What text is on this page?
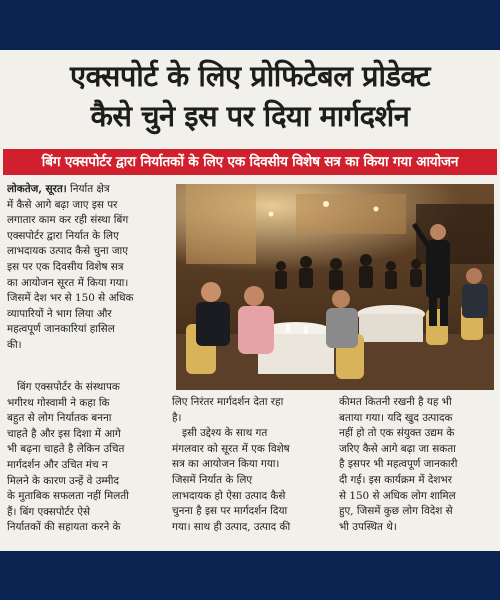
एक्सपोर्ट के लिए प्रोफिटेबल प्रोडेक्ट
कैसे चुने इस पर दिया मार्गदर्शन
बिंग एक्सपोर्टर द्वारा निर्यातकों के लिए एक दिवसीय विशेष सत्र का किया गया आयोजन
लोकतेज, सूरत। निर्यात क्षेत्र
में कैसे आगे बढ़ा जाए इस पर
लगातार काम कर रही संस्था बिंग
एक्सपोर्टर द्वारा निर्यात के लिए
लाभदायक उत्पाद कैसे चुना जाए
इस पर एक दिवसीय विशेष सत्र
का आयोजन सूरत में किया गया।
जिसमें देश भर से 150 से अधिक
व्यापारियों ने भाग लिया और
महत्वपूर्ण जानकारियां हासिल
की।
बिंग एक्सपोर्टर के संस्थापक
भगीरथ गोस्वामी ने कहा कि
बहुत से लोग निर्यातक बनना
चाहते है और इस दिशा में आगे
भी बढ़ना चाहते है लेकिन उचित
मार्गदर्शन और उचित मंच न
मिलने के कारण उन्हें वे उम्मीद
के मुताबिक सफलता नहीं मिलती
हैं। बिंग एक्सपोर्टर ऐसे
निर्यातकों की सहायता करने के
लिए निरंतर मार्गदर्शन देता रहा
है।
इसी उद्देश्य के साथ गत
मंगलवार को सूरत में एक विशेष
सत्र का आयोजन किया गया।
जिसमें निर्यात के लिए
लाभदायक हो ऐसा उत्पाद कैसे
चुनना है इस पर मार्गदर्शन दिया
गया। साथ ही उत्पाद, उत्पाद की
कीमत कितनी रखनी है यह भी
बताया गया। यदि खुद उत्पादक
नहीं हो तो एक संयुक्त उद्यम के
जरिए कैसे आगे बढ़ा जा सकता
है इसपर भी महत्वपूर्ण जानकारी
दी गई। इस कार्यक्रम में देशभर
से 150 से अधिक लोग शामिल
हुए, जिसमें कुछ लोग विदेश से
भी उपस्थित थे।
